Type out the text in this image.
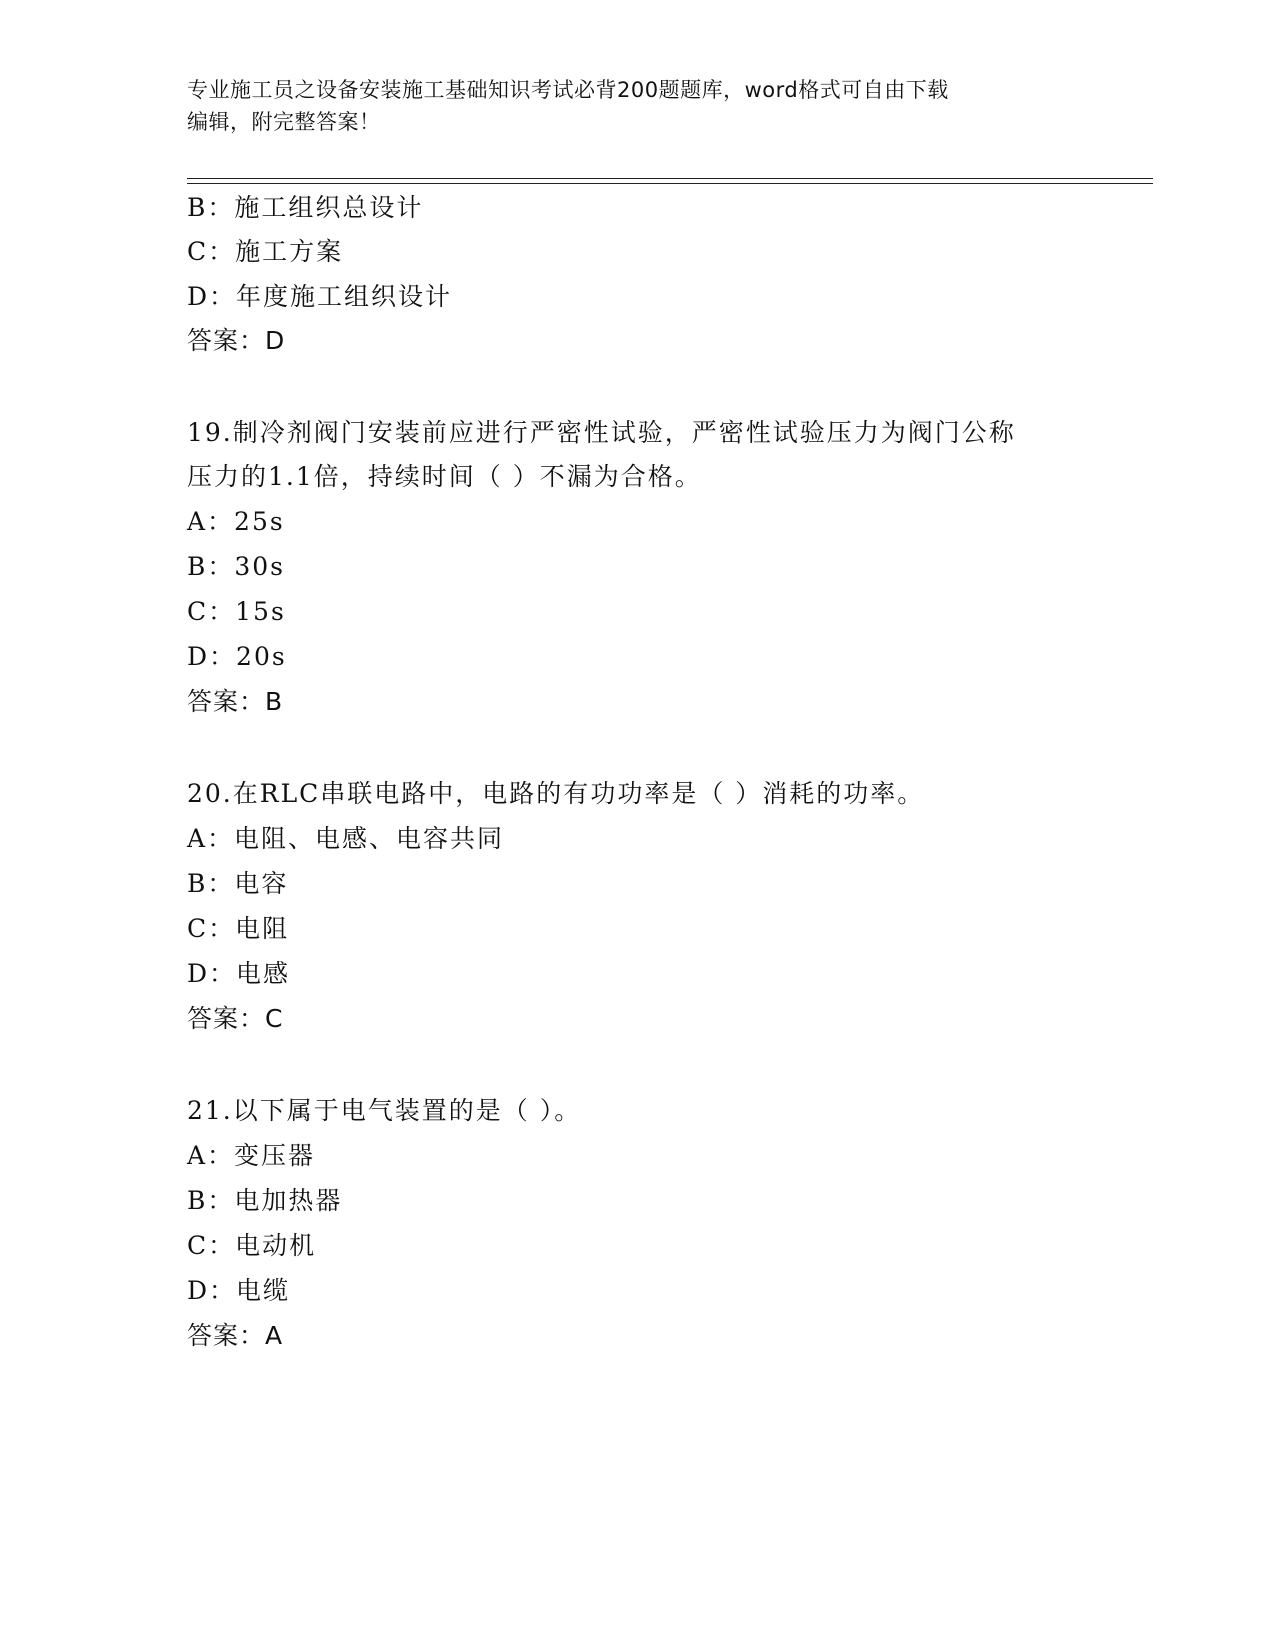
专业施工员之设备安装施工基础知识考试必背200题题库，word格式可自由下载
编辑，附完整答案！
B：施工组织总设计
C：施工方案
D：年度施工组织设计
答案：D
19.制冷剂阀门安装前应进行严密性试验，严密性试验压力为阀门公称
压力的1.1倍，持续时间（ ）不漏为合格。
A：25s
B：30s
C：15s
D：20s
答案：B
20.在RLC串联电路中，电路的有功功率是（ ）消耗的功率。
A：电阻、电感、电容共同
B：电容
C：电阻
D：电感
答案：C
21.以下属于电气装置的是（ ）。
A：变压器
B：电加热器
C：电动机
D：电缆
答案：A
